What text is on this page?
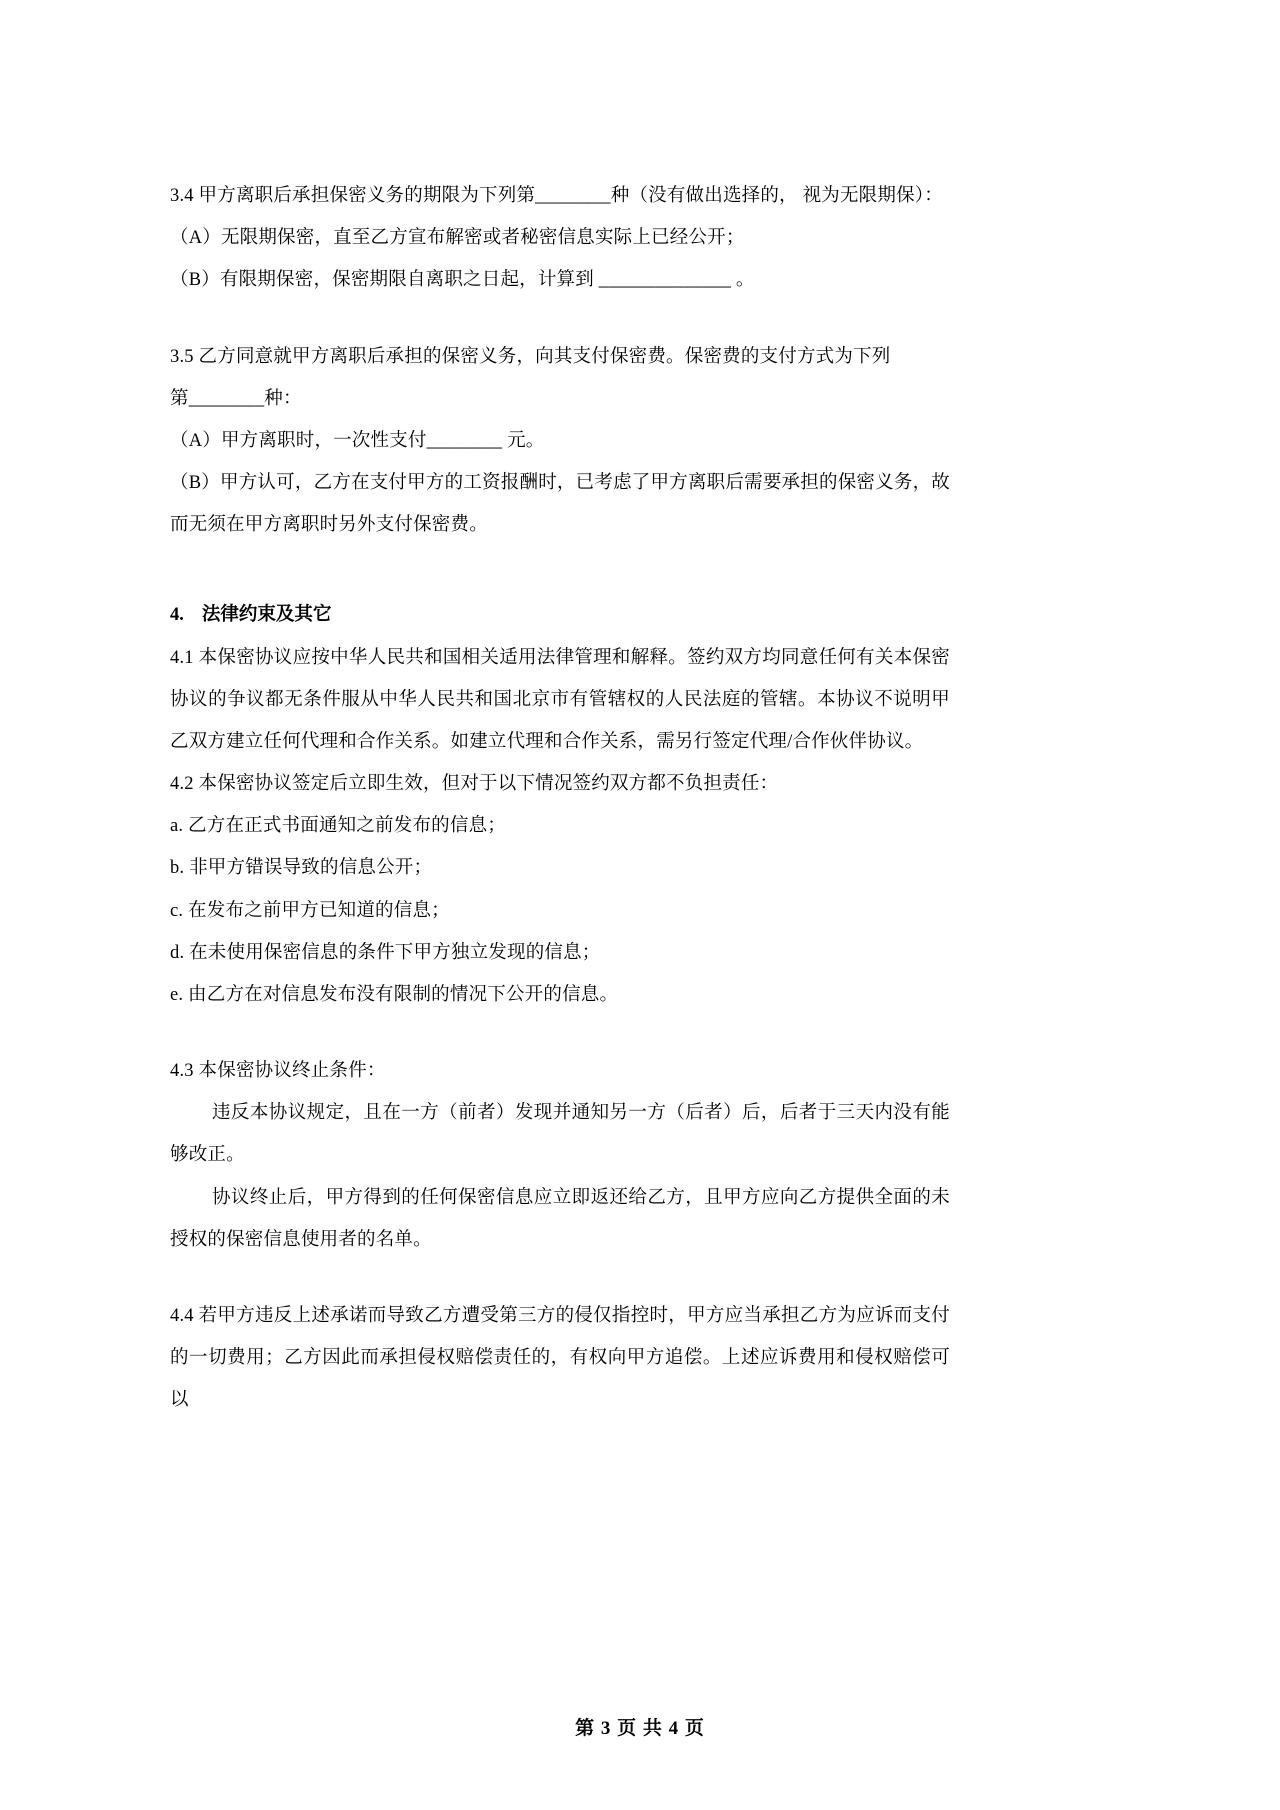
3.4 甲方离职后承担保密义务的期限为下列第________种（没有做出选择的， 视为无限期保）：

（A）无限期保密，直至乙方宣布解密或者秘密信息实际上已经公开；

（B）有限期保密，保密期限自离职之日起，计算到 ______________ 。

3.5 乙方同意就甲方离职后承担的保密义务，向其支付保密费。保密费的支付方式为下列

第________种：

（A）甲方离职时，一次性支付________ 元。

（B）甲方认可，乙方在支付甲方的工资报酬时，已考虑了甲方离职后需要承担的保密义务，故而无须在甲方离职时另外支付保密费。

4. 法律约束及其它

4.1 本保密协议应按中华人民共和国相关适用法律管理和解释。签约双方均同意任何有关本保密协议的争议都无条件服从中华人民共和国北京市有管辖权的人民法庭的管辖。本协议不说明甲乙双方建立任何代理和合作关系。如建立代理和合作关系，需另行签定代理/合作伙伴协议。

4.2 本保密协议签定后立即生效，但对于以下情况签约双方都不负担责任：

a. 乙方在正式书面通知之前发布的信息；

b. 非甲方错误导致的信息公开；

c. 在发布之前甲方已知道的信息；

d. 在未使用保密信息的条件下甲方独立发现的信息；

e. 由乙方在对信息发布没有限制的情况下公开的信息。

4.3 本保密协议终止条件：

违反本协议规定，且在一方（前者）发现并通知另一方（后者）后，后者于三天内没有能够改正。

协议终止后，甲方得到的任何保密信息应立即返还给乙方，且甲方应向乙方提供全面的未授权的保密信息使用者的名单。

4.4 若甲方违反上述承诺而导致乙方遭受第三方的侵仅指控时，甲方应当承担乙方为应诉而支付的一切费用；乙方因此而承担侵权赔偿责任的，有权向甲方追偿。上述应诉费用和侵权赔偿可以

第 3 页 共 4 页
